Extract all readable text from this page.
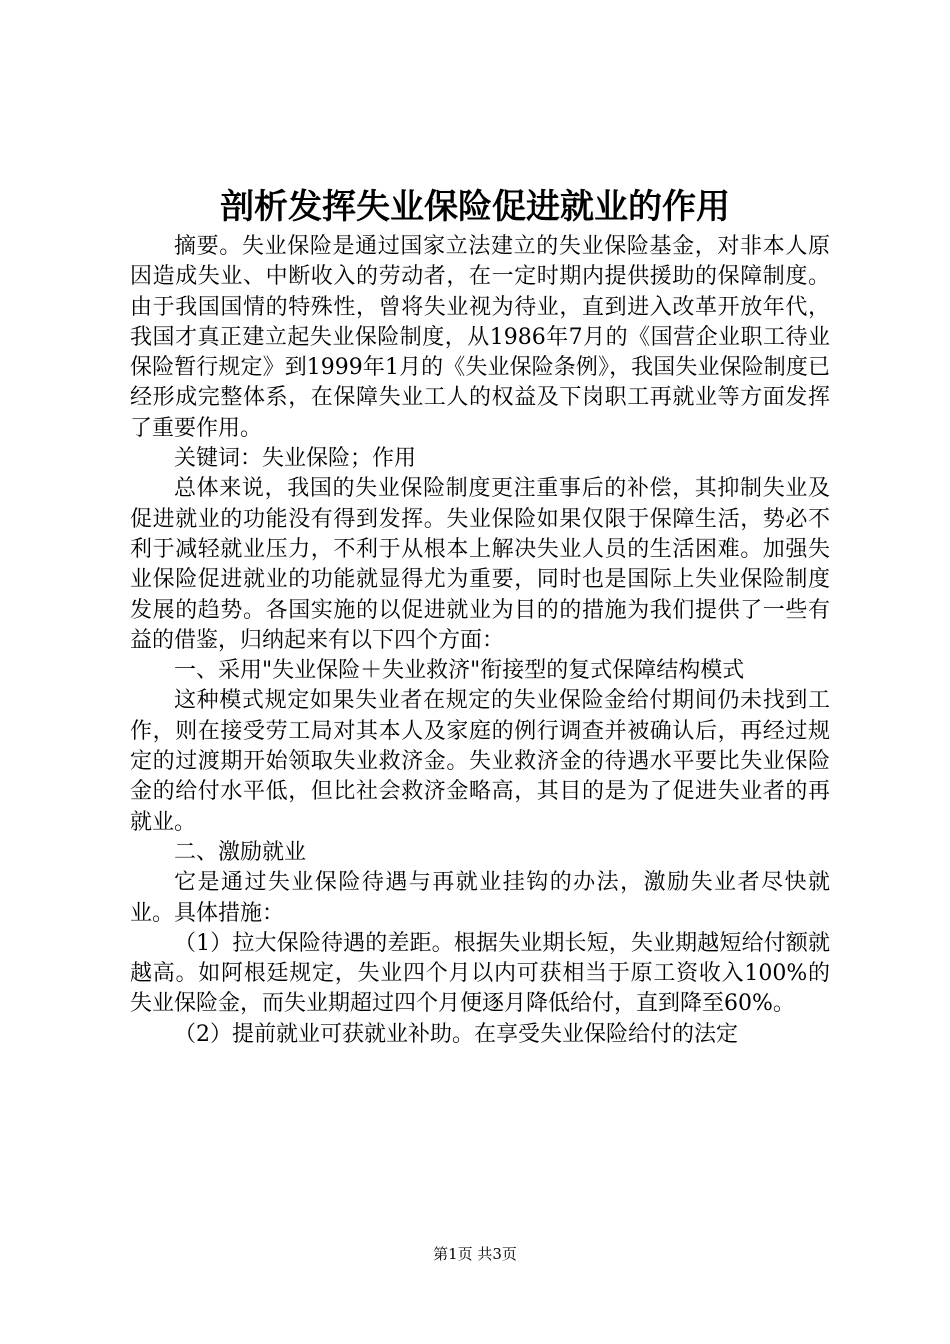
剖析发挥失业保险促进就业的作用

摘要。失业保险是通过国家立法建立的失业保险基金，对非本人原因造成失业、中断收入的劳动者，在一定时期内提供援助的保障制度。由于我国国情的特殊性，曾将失业视为待业，直到进入改革开放年代，我国才真正建立起失业保险制度，从1986年7月的《国营企业职工待业保险暂行规定》到1999年1月的《失业保险条例》，我国失业保险制度已经形成完整体系，在保障失业工人的权益及下岗职工再就业等方面发挥了重要作用。

关键词：失业保险；作用

总体来说，我国的失业保险制度更注重事后的补偿，其抑制失业及促进就业的功能没有得到发挥。失业保险如果仅限于保障生活，势必不利于减轻就业压力，不利于从根本上解决失业人员的生活困难。加强失业保险促进就业的功能就显得尤为重要，同时也是国际上失业保险制度发展的趋势。各国实施的以促进就业为目的的措施为我们提供了一些有益的借鉴，归纳起来有以下四个方面：

一、采用"失业保险＋失业救济"衔接型的复式保障结构模式

这种模式规定如果失业者在规定的失业保险金给付期间仍未找到工作，则在接受劳工局对其本人及家庭的例行调查并被确认后，再经过规定的过渡期开始领取失业救济金。失业救济金的待遇水平要比失业保险金的给付水平低，但比社会救济金略高，其目的是为了促进失业者的再就业。

二、激励就业

它是通过失业保险待遇与再就业挂钩的办法，激励失业者尽快就业。具体措施：

（1）拉大保险待遇的差距。根据失业期长短，失业期越短给付额就越高。如阿根廷规定，失业四个月以内可获相当于原工资收入100%的失业保险金，而失业期超过四个月便逐月降低给付，直到降至60%。

（2）提前就业可获就业补助。在享受失业保险给付的法定

第1页 共3页
